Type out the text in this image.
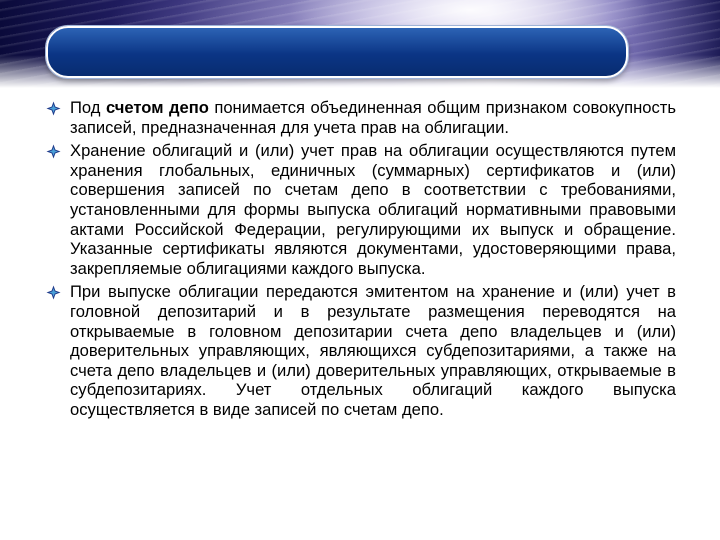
Под счетом депо понимается объединенная общим признаком совокупность записей, предназначенная для учета прав на облигации.

Хранение облигаций и (или) учет прав на облигации осуществляются путем хранения глобальных, единичных (суммарных) сертификатов и (или) совершения записей по счетам депо в соответствии с требованиями, установленными для формы выпуска облигаций нормативными правовыми актами Российской Федерации, регулирующими их выпуск и обращение. Указанные сертификаты являются документами, удостоверяющими права, закрепляемые облигациями каждого выпуска.

При выпуске облигации передаются эмитентом на хранение и (или) учет в головной депозитарий и в результате размещения переводятся на открываемые в головном депозитарии счета депо владельцев и (или) доверительных управляющих, являющихся субдепозитариями, а также на счета депо владельцев и (или) доверительных управляющих, открываемые в субдепозитариях. Учет отдельных облигаций каждого выпуска осуществляется в виде записей по счетам депо.
